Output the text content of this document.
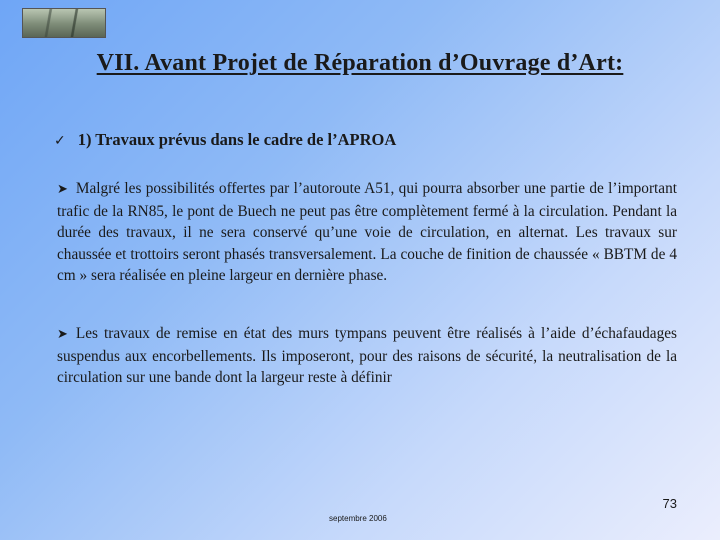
VII. Avant Projet de Réparation d’Ouvrage d’Art:
✓ 1) Travaux prévus dans le cadre de l’APROA
➤ Malgré les possibilités offertes par l’autoroute A51, qui pourra absorber une partie de l’important trafic de la RN85, le pont de Buech ne peut pas être complètement fermé à la circulation. Pendant la durée des travaux, il ne sera conservé qu’une voie de circulation, en alternat. Les travaux sur chaussée et trottoirs seront phasés transversalement. La couche de finition de chaussée « BBTM de 4 cm » sera réalisée en pleine largeur en dernière phase.
➤ Les travaux de remise en état des murs tympans peuvent être réalisés à l’aide d’échafaudages suspendus aux encorbellements. Ils imposeront, pour des raisons de sécurité, la neutralisation de la circulation sur une bande dont la largeur reste à définir
73
septembre 2006
